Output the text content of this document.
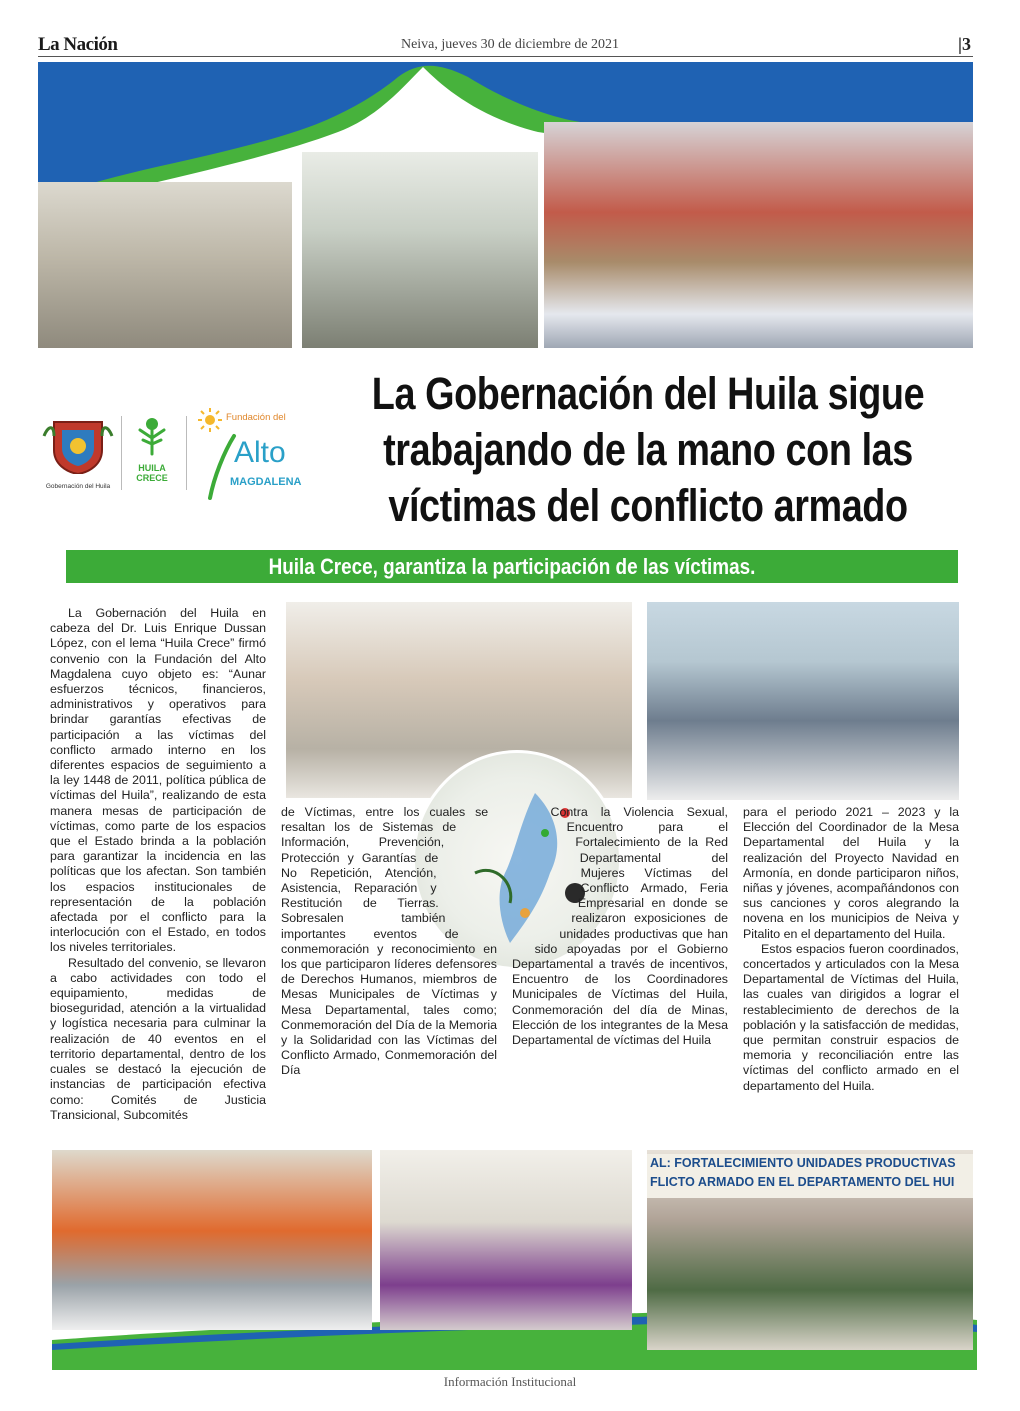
La Nación	Neiva, jueves 30 de diciembre de 2021	|3
Gobernación del Huila
HUILA CRECE
Fundación del
Alto
MAGDALENA
La Gobernación del Huila sigue
trabajando de la mano con las
víctimas del conflicto armado
Huila Crece, garantiza la participación de las víctimas.

La Gobernación del Huila en cabeza del Dr. Luis Enrique Dussan López, con el lema “Huila Crece” firmó convenio con la Fundación del Alto Magdalena cuyo objeto es: “Aunar esfuerzos técnicos, financieros, administrativos y operativos para brindar garantías efectivas de participación a las víctimas del conflicto armado interno en los diferentes espacios de seguimiento a la ley 1448 de 2011, política pública de víctimas del Huila”, realizando de esta manera mesas de participación de víctimas, como parte de los espacios que el Estado brinda a la población para garantizar la incidencia en las políticas que los afectan. Son también los espacios institucionales de representación de la población afectada por el conflicto para la interlocución con el Estado, en todos los niveles territoriales.

Resultado del convenio, se llevaron a cabo actividades con todo el equipamiento, medidas de bioseguridad, atención a la virtualidad y logística necesaria para culminar la realización de 40 eventos en el territorio departamental, dentro de los cuales se destacó la ejecución de instancias de participación efectiva como: Comités de Justicia Transicional, Subcomités

de Víctimas, entre los cuales se resaltan los de Sistemas de Información, Prevención, Protección y Garantías de No Repetición, Atención, Asistencia, Reparación y Restitución de Tierras. Sobresalen también importantes eventos de conmemoración y reconocimiento en los que participaron líderes defensores de Derechos Humanos, miembros de Mesas Municipales de Víctimas y Mesa Departamental, tales como; Conmemoración del Día de la Memoria y la Solidaridad con las Víctimas del Conflicto Armado, Conmemoración del Día

Contra la Violencia Sexual, Encuentro para el Fortalecimiento de la Red Departamental del Mujeres Víctimas del Conflicto Armado, Feria Empresarial en donde se realizaron exposiciones de unidades productivas que han sido apoyadas por el Gobierno Departamental a través de incentivos, Encuentro de los Coordinadores Municipales de Víctimas del Huila, Conmemoración del día de Minas, Elección de los integrantes de la Mesa Departamental de víctimas del Huila

para el periodo 2021 – 2023 y la Elección del Coordinador de la Mesa Departamental del Huila y la realización del Proyecto Navidad en Armonía, en donde participaron niños, niñas y jóvenes, acompañándonos con sus canciones y coros alegrando la novena en los municipios de Neiva y Pitalito en el departamento del Huila.

Estos espacios fueron coordinados, concertados y articulados con la Mesa Departamental de Víctimas del Huila, las cuales van dirigidos a lograr el restablecimiento de derechos de la población y la satisfacción de medidas, que permitan construir espacios de memoria y reconciliación entre las víctimas del conflicto armado en el departamento del Huila.

AL: FORTALECIMIENTO UNIDADES PRODUCTIVAS
FLICTO ARMADO EN EL DEPARTAMENTO DEL HUI
Información Institucional
